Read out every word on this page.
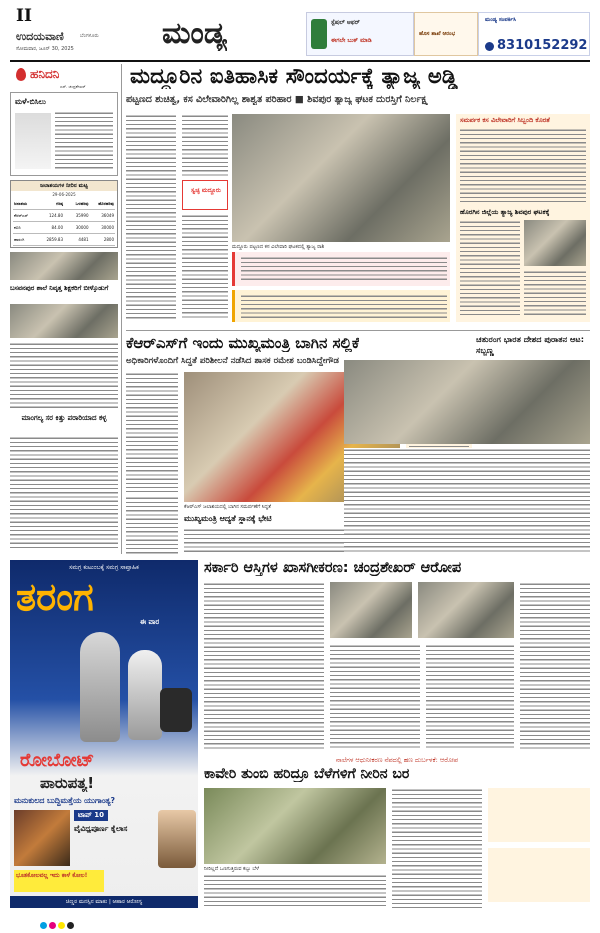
II
ಉದಯವಾಣಿ	ಬೆಂಗಳೂರು
ಸೋಮವಾರ, ಜೂನ್ 30, 2025	ಮಂಡ್ಯ	ಸ್ಪೆಷಲ್ ಆಫರ್
ಈಗಲೇ ಬುಕ್ ಮಾಡಿ
ಹೊಸ ಶಾಖೆ ಆರಂಭ
ಮಂಡ್ಯ ಸಂಪರ್ಕಿಸಿ
8310152292
ಹನಿದನಿ
ಎಸ್. ಚಂದ್ರಶೇಖರ್
ಮಳೆ-ಬಿಸಿಲು
ಜಲಾಶಯಗಳ ನೀರಿನ ಮಟ್ಟ
29-06-2025
ಜಲಾಶಯ	ಗರಿಷ್ಠ	ಒಳಹರಿವು	ಹೊರಹರಿವು
ಕೆಆರ್‌ಎಸ್	124.80	35990	36049
ಕಬಿನಿ	84.00	30000	30000
ಹಾರಂಗಿ	2859.83	4481	2800
ಬಸವನಪುರ ಶಾಲೆ ನಿವೃತ್ತ ಶಿಕ್ಷಕರಿಗೆ ಬೀಳ್ಕೊಡುಗೆ
ಮಾಂಗಲ್ಯ ಸರ ಕಿತ್ತು ಪರಾರಿಯಾದ ಕಳ್ಳ
ಮದ್ದೂರಿನ ಐತಿಹಾಸಿಕ ಸೌಂದರ್ಯಕ್ಕೆ ತ್ಯಾಜ್ಯ ಅಡ್ಡಿ
ಪಟ್ಟಣದ ಶುಚಿತ್ವ, ಕಸ ವಿಲೇವಾರಿಗಿಲ್ಲ ಶಾಶ್ವತ ಪರಿಹಾರ ■ ಶಿವಪುರ ತ್ಯಾಜ್ಯ ಘಟಕ ದುರಸ್ತಿಗೆ ನಿರ್ಲಕ್ಷ್ಯ
ಸ್ವಚ್ಛ ಮದ್ದೂರು
ಮದ್ದೂರು ಪಟ್ಟಣದ ಕಸ ವಿಲೇವಾರಿ ಘಟಕದಲ್ಲಿ ತ್ಯಾಜ್ಯ ರಾಶಿ
ಸಮರ್ಪಕ ಕಸ ವಿಲೇವಾರಿಗೆ ಸಿಬ್ಬಂದಿ ಕೊರತೆ
ಹೊರಗಿನ ಜಿಲ್ಲೆಯ ತ್ಯಾಜ್ಯ ಶಿವಪುರ ಘಟಕಕ್ಕೆ
ಕೆಆರ್‌ಎಸ್‌ಗೆ ಇಂದು ಮುಖ್ಯಮಂತ್ರಿ ಬಾಗಿನ ಸಲ್ಲಿಕೆ
ಅಧಿಕಾರಿಗಳೊಂದಿಗೆ ಸಿದ್ಧತೆ ಪರಿಶೀಲನೆ ನಡೆಸಿದ ಶಾಸಕ ರಮೇಶ ಬಂಡಿಸಿದ್ದೇಗೌಡ
ಕೆಆರ್‌ಎಸ್ ಜಲಾಶಯದಲ್ಲಿ ಬಾಗಿನ ಸಮರ್ಪಣೆಗೆ ಸಿದ್ಧತೆ
ಮುಖ್ಯಮಂತ್ರಿ ಆದ್ಯತೆ ಸ್ಥಾನಕ್ಕೆ ಭೇಟಿ
ಚತುರಂಗ ಭಾರತ ದೇಶದ ಪುರಾತನ ಆಟ: ಸಬ್ಬಣ್ಣ
ಸಮಗ್ರ ಕುಟುಂಬಕ್ಕೆ ಸಮಗ್ರ ಸಾಪ್ತಾಹಿಕ
ತರಂಗ
ಈ ವಾರ
ರೋಬೋಟ್
ಪಾರುಪತ್ಯ!
ಮನುಕುಲದ ಬುದ್ಧಿಮತ್ತೆಯ ಯುಗಾಂತ್ಯ?
ಟಾಪ್ 10
ವೈವಿಧ್ಯಪೂರ್ಣ ಕೈಲಾಸ
ಭೂತಕೋಲವಲ್ಲ ಇದು ಕಾಳೆ ಕೋಲ!
ಚಿಣ್ಣರ ಮನಸ್ಸಿನ ಮಾತು | ಆಹಾರ ಆರೋಗ್ಯ
ಸರ್ಕಾರಿ ಆಸ್ತಿಗಳ ಖಾಸಗೀಕರಣ: ಚಂದ್ರಶೇಖರ್ ಆರೋಪ
ನಾಲೆಗಳ ಆಧುನೀಕರಣ ನೆಪದಲ್ಲಿ ಹಣ ದುರ್ಬಳಕೆ: ಆರೋಪ
ಕಾವೇರಿ ತುಂಬಿ ಹರಿದ್ರೂ ಬೆಳೆಗಳಿಗೆ ನೀರಿನ ಬರ
ನೀರಿಲ್ಲದೆ ಒಣಗುತ್ತಿರುವ ಕಬ್ಬು ಬೆಳೆ
